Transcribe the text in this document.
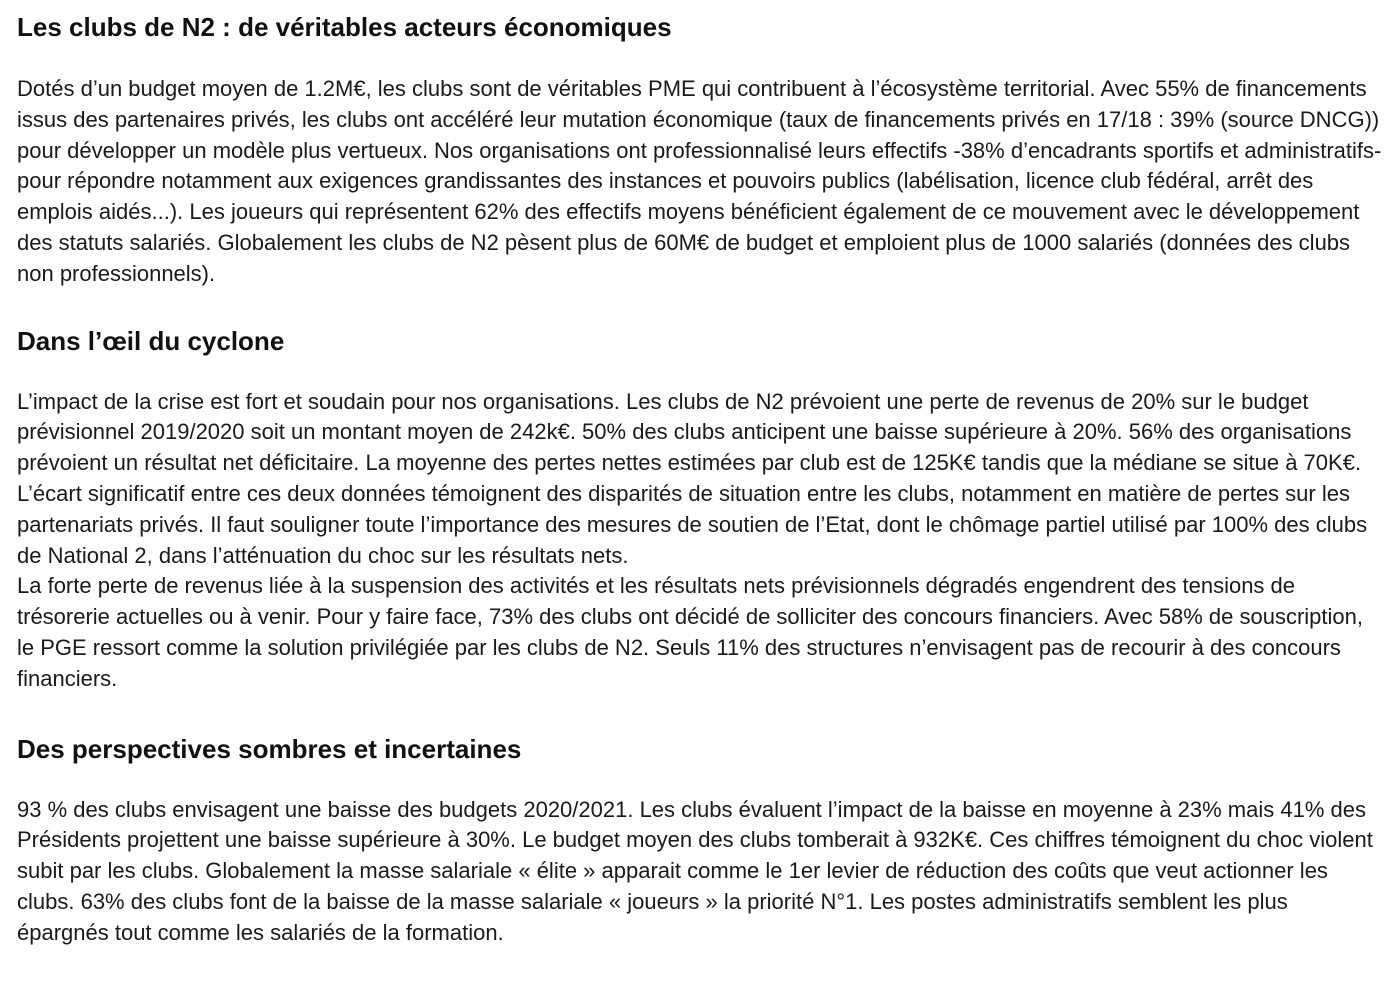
Les clubs de N2 : de véritables acteurs économiques

Dotés d’un budget moyen de 1.2M€, les clubs sont de véritables PME qui contribuent à l’écosystème territorial. Avec 55% de financements issus des partenaires privés, les clubs ont accéléré leur mutation économique (taux de financements privés en 17/18 : 39% (source DNCG)) pour développer un modèle plus vertueux. Nos organisations ont professionnalisé leurs effectifs -38% d’encadrants sportifs et administratifs- pour répondre notamment aux exigences grandissantes des instances et pouvoirs publics (labélisation, licence club fédéral, arrêt des emplois aidés...). Les joueurs qui représentent 62% des effectifs moyens bénéficient également de ce mouvement avec le développement des statuts salariés. Globalement les clubs de N2 pèsent plus de 60M€ de budget et emploient plus de 1000 salariés (données des clubs non professionnels).

Dans l’œil du cyclone

L’impact de la crise est fort et soudain pour nos organisations. Les clubs de N2 prévoient une perte de revenus de 20% sur le budget prévisionnel 2019/2020 soit un montant moyen de 242k€. 50% des clubs anticipent une baisse supérieure à 20%. 56% des organisations prévoient un résultat net déficitaire. La moyenne des pertes nettes estimées par club est de 125K€ tandis que la médiane se situe à 70K€. L’écart significatif entre ces deux données témoignent des disparités de situation entre les clubs, notamment en matière de pertes sur les partenariats privés. Il faut souligner toute l’importance des mesures de soutien de l’Etat, dont le chômage partiel utilisé par 100% des clubs de National 2, dans l’atténuation du choc sur les résultats nets.

La forte perte de revenus liée à la suspension des activités et les résultats nets prévisionnels dégradés engendrent des tensions de trésorerie actuelles ou à venir. Pour y faire face, 73% des clubs ont décidé de solliciter des concours financiers. Avec 58% de souscription, le PGE ressort comme la solution privilégiée par les clubs de N2. Seuls 11% des structures n’envisagent pas de recourir à des concours financiers.

Des perspectives sombres et incertaines

93 % des clubs envisagent une baisse des budgets 2020/2021. Les clubs évaluent l’impact de la baisse en moyenne à 23% mais 41% des Présidents projettent une baisse supérieure à 30%. Le budget moyen des clubs tomberait à 932K€. Ces chiffres témoignent du choc violent subit par les clubs. Globalement la masse salariale « élite » apparait comme le 1er levier de réduction des coûts que veut actionner les clubs. 63% des clubs font de la baisse de la masse salariale « joueurs » la priorité N°1. Les postes administratifs semblent les plus épargnés tout comme les salariés de la formation.
